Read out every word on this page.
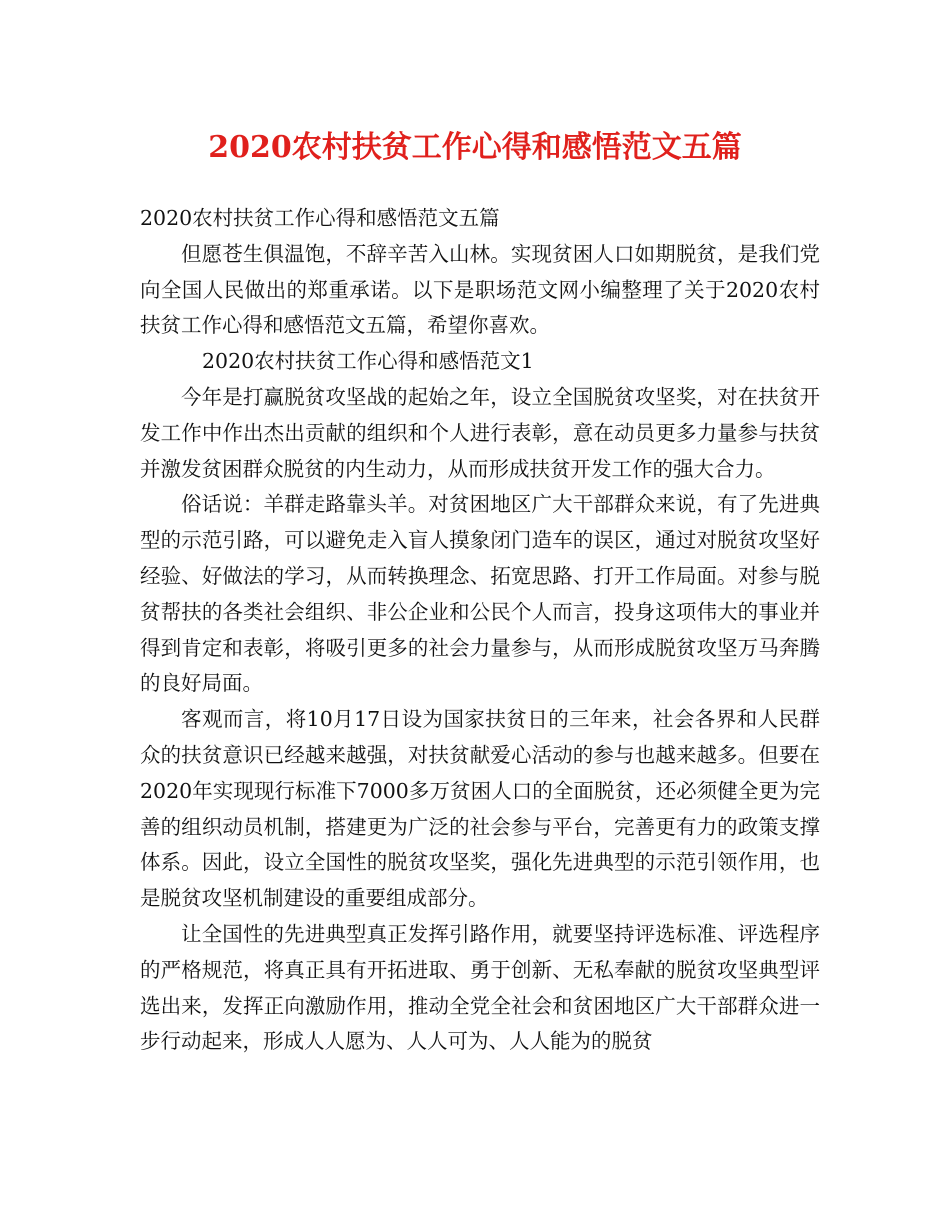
2020农村扶贫工作心得和感悟范文五篇

2020农村扶贫工作心得和感悟范文五篇

但愿苍生俱温饱，不辞辛苦入山林。实现贫困人口如期脱贫，是我们党向全国人民做出的郑重承诺。以下是职场范文网小编整理了关于2020农村扶贫工作心得和感悟范文五篇，希望你喜欢。

2020农村扶贫工作心得和感悟范文1

今年是打赢脱贫攻坚战的起始之年，设立全国脱贫攻坚奖，对在扶贫开发工作中作出杰出贡献的组织和个人进行表彰，意在动员更多力量参与扶贫并激发贫困群众脱贫的内生动力，从而形成扶贫开发工作的强大合力。

俗话说：羊群走路靠头羊。对贫困地区广大干部群众来说，有了先进典型的示范引路，可以避免走入盲人摸象闭门造车的误区，通过对脱贫攻坚好经验、好做法的学习，从而转换理念、拓宽思路、打开工作局面。对参与脱贫帮扶的各类社会组织、非公企业和公民个人而言，投身这项伟大的事业并得到肯定和表彰，将吸引更多的社会力量参与，从而形成脱贫攻坚万马奔腾的良好局面。

客观而言，将10月17日设为国家扶贫日的三年来，社会各界和人民群众的扶贫意识已经越来越强，对扶贫献爱心活动的参与也越来越多。但要在2020年实现现行标准下7000多万贫困人口的全面脱贫，还必须健全更为完善的组织动员机制，搭建更为广泛的社会参与平台，完善更有力的政策支撑体系。因此，设立全国性的脱贫攻坚奖，强化先进典型的示范引领作用，也是脱贫攻坚机制建设的重要组成部分。

让全国性的先进典型真正发挥引路作用，就要坚持评选标准、评选程序的严格规范，将真正具有开拓进取、勇于创新、无私奉献的脱贫攻坚典型评选出来，发挥正向激励作用，推动全党全社会和贫困地区广大干部群众进一步行动起来，形成人人愿为、人人可为、人人能为的脱贫
